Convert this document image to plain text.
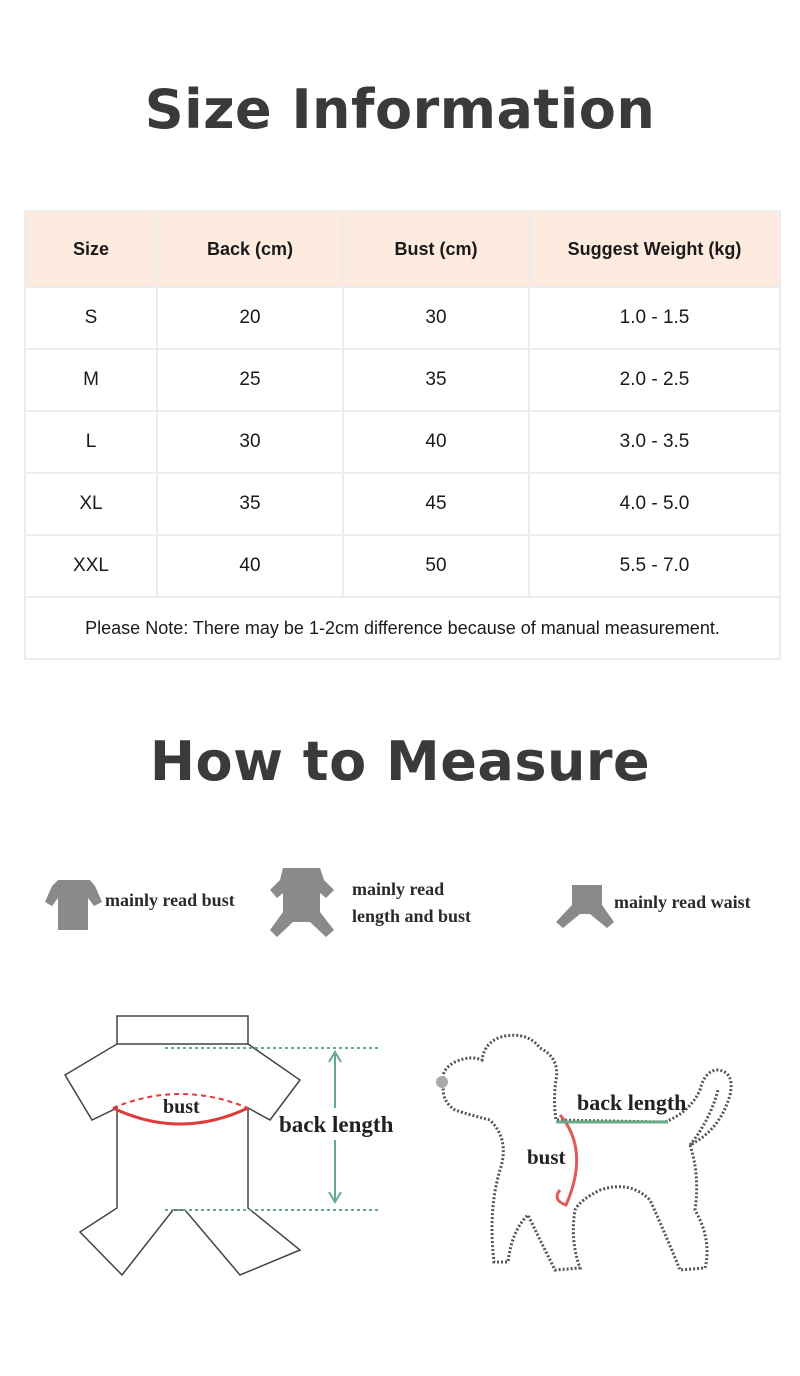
Size Information
Size	Back (cm)	Bust (cm)	Suggest Weight (kg)
S	20	30	1.0 - 1.5
M	25	35	2.0 - 2.5
L	30	40	3.0 - 3.5
XL	35	45	4.0 - 5.0
XXL	40	50	5.5 - 7.0
Please Note: There may be 1-2cm difference because of manual measurement.			
How to Measure
mainly read bust
mainly read
length and bust
mainly read waist
bust
back length
back length
bust
